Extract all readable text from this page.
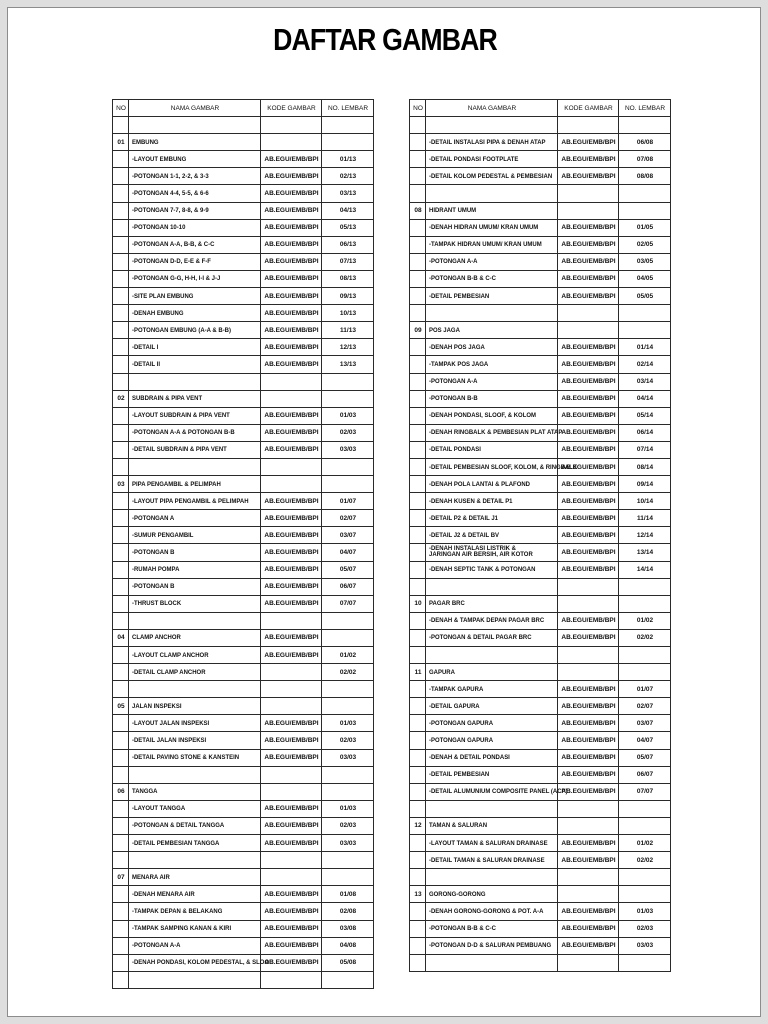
DAFTAR GAMBAR
NO	NAMA GAMBAR	KODE GAMBAR	NO. LEMBAR

01	EMBUNG		
	-LAYOUT EMBUNG	AB.EGU/EMB/BPI	01/13
	-POTONGAN 1-1, 2-2, & 3-3	AB.EGU/EMB/BPI	02/13
	-POTONGAN 4-4, 5-5, & 6-6	AB.EGU/EMB/BPI	03/13
	-POTONGAN 7-7, 8-8, & 9-9	AB.EGU/EMB/BPI	04/13
	-POTONGAN 10-10	AB.EGU/EMB/BPI	05/13
	-POTONGAN A-A, B-B, & C-C	AB.EGU/EMB/BPI	06/13
	-POTONGAN D-D, E-E & F-F	AB.EGU/EMB/BPI	07/13
	-POTONGAN G-G, H-H, I-I & J-J	AB.EGU/EMB/BPI	08/13
	-SITE PLAN EMBUNG	AB.EGU/EMB/BPI	09/13
	-DENAH EMBUNG	AB.EGU/EMB/BPI	10/13
	-POTONGAN EMBUNG (A-A & B-B)	AB.EGU/EMB/BPI	11/13
	-DETAIL I	AB.EGU/EMB/BPI	12/13
	-DETAIL II	AB.EGU/EMB/BPI	13/13

02	SUBDRAIN & PIPA VENT		
	-LAYOUT SUBDRAIN & PIPA VENT	AB.EGU/EMB/BPI	01/03
	-POTONGAN A-A & POTONGAN B-B	AB.EGU/EMB/BPI	02/03
	-DETAIL SUBDRAIN & PIPA VENT	AB.EGU/EMB/BPI	03/03

03	PIPA PENGAMBIL & PELIMPAH		
	-LAYOUT PIPA PENGAMBIL & PELIMPAH	AB.EGU/EMB/BPI	01/07
	-POTONGAN A	AB.EGU/EMB/BPI	02/07
	-SUMUR PENGAMBIL	AB.EGU/EMB/BPI	03/07
	-POTONGAN B	AB.EGU/EMB/BPI	04/07
	-RUMAH POMPA	AB.EGU/EMB/BPI	05/07
	-POTONGAN B	AB.EGU/EMB/BPI	06/07
	-THRUST BLOCK	AB.EGU/EMB/BPI	07/07

04	CLAMP ANCHOR	AB.EGU/EMB/BPI	
	-LAYOUT CLAMP ANCHOR	AB.EGU/EMB/BPI	01/02
	-DETAIL CLAMP ANCHOR		02/02

05	JALAN INSPEKSI		
	-LAYOUT JALAN INSPEKSI	AB.EGU/EMB/BPI	01/03
	-DETAIL JALAN INSPEKSI	AB.EGU/EMB/BPI	02/03
	-DETAIL PAVING STONE & KANSTEIN	AB.EGU/EMB/BPI	03/03

06	TANGGA		
	-LAYOUT TANGGA	AB.EGU/EMB/BPI	01/03
	-POTONGAN & DETAIL TANGGA	AB.EGU/EMB/BPI	02/03
	-DETAIL PEMBESIAN TANGGA	AB.EGU/EMB/BPI	03/03

07	MENARA AIR		
	-DENAH MENARA AIR	AB.EGU/EMB/BPI	01/08
	-TAMPAK DEPAN & BELAKANG	AB.EGU/EMB/BPI	02/08
	-TAMPAK SAMPING KANAN & KIRI	AB.EGU/EMB/BPI	03/08
	-POTONGAN A-A	AB.EGU/EMB/BPI	04/08
	-DENAH PONDASI, KOLOM PEDESTAL, & SLOOF	AB.EGU/EMB/BPI	05/08

NO	NAMA GAMBAR	KODE GAMBAR	NO. LEMBAR

	-DETAIL INSTALASI PIPA & DENAH ATAP	AB.EGU/EMB/BPI	06/08
	-DETAIL PONDASI FOOTPLATE	AB.EGU/EMB/BPI	07/08
	-DETAIL KOLOM PEDESTAL & PEMBESIAN	AB.EGU/EMB/BPI	08/08

08	HIDRANT UMUM		
	-DENAH HIDRAN UMUM/ KRAN UMUM	AB.EGU/EMB/BPI	01/05
	-TAMPAK HIDRAN UMUM/ KRAN UMUM	AB.EGU/EMB/BPI	02/05
	-POTONGAN A-A	AB.EGU/EMB/BPI	03/05
	-POTONGAN B-B & C-C	AB.EGU/EMB/BPI	04/05
	-DETAIL PEMBESIAN	AB.EGU/EMB/BPI	05/05

09	POS JAGA		
	-DENAH POS JAGA	AB.EGU/EMB/BPI	01/14
	-TAMPAK POS JAGA	AB.EGU/EMB/BPI	02/14
	-POTONGAN A-A	AB.EGU/EMB/BPI	03/14
	-POTONGAN B-B	AB.EGU/EMB/BPI	04/14
	-DENAH PONDASI, SLOOF, & KOLOM	AB.EGU/EMB/BPI	05/14
	-DENAH RINGBALK & PEMBESIAN PLAT ATAP	AB.EGU/EMB/BPI	06/14
	-DETAIL PONDASI	AB.EGU/EMB/BPI	07/14
	-DETAIL PEMBESIAN SLOOF, KOLOM, & RINGBALK	AB.EGU/EMB/BPI	08/14
	-DENAH POLA LANTAI & PLAFOND	AB.EGU/EMB/BPI	09/14
	-DENAH KUSEN & DETAIL P1	AB.EGU/EMB/BPI	10/14
	-DETAIL P2 & DETAIL J1	AB.EGU/EMB/BPI	11/14
	-DETAIL J2 & DETAIL BV	AB.EGU/EMB/BPI	12/14
	-DENAH INSTALASI LISTRIK & JARINGAN AIR BERSIH, AIR KOTOR	AB.EGU/EMB/BPI	13/14
	-DENAH SEPTIC TANK & POTONGAN	AB.EGU/EMB/BPI	14/14

10	PAGAR BRC		
	-DENAH & TAMPAK DEPAN PAGAR BRC	AB.EGU/EMB/BPI	01/02
	-POTONGAN & DETAIL PAGAR BRC	AB.EGU/EMB/BPI	02/02

11	GAPURA		
	-TAMPAK GAPURA	AB.EGU/EMB/BPI	01/07
	-DETAIL GAPURA	AB.EGU/EMB/BPI	02/07
	-POTONGAN GAPURA	AB.EGU/EMB/BPI	03/07
	-POTONGAN GAPURA	AB.EGU/EMB/BPI	04/07
	-DENAH & DETAIL PONDASI	AB.EGU/EMB/BPI	05/07
	-DETAIL PEMBESIAN	AB.EGU/EMB/BPI	06/07
	-DETAIL ALUMUNIUM COMPOSITE PANEL (ACP)	AB.EGU/EMB/BPI	07/07

12	TAMAN & SALURAN		
	-LAYOUT TAMAN & SALURAN DRAINASE	AB.EGU/EMB/BPI	01/02
	-DETAIL TAMAN & SALURAN DRAINASE	AB.EGU/EMB/BPI	02/02

13	GORONG-GORONG		
	-DENAH GORONG-GORONG & POT. A-A	AB.EGU/EMB/BPI	01/03
	-POTONGAN B-B & C-C	AB.EGU/EMB/BPI	02/03
	-POTONGAN D-D & SALURAN PEMBUANG	AB.EGU/EMB/BPI	03/03
